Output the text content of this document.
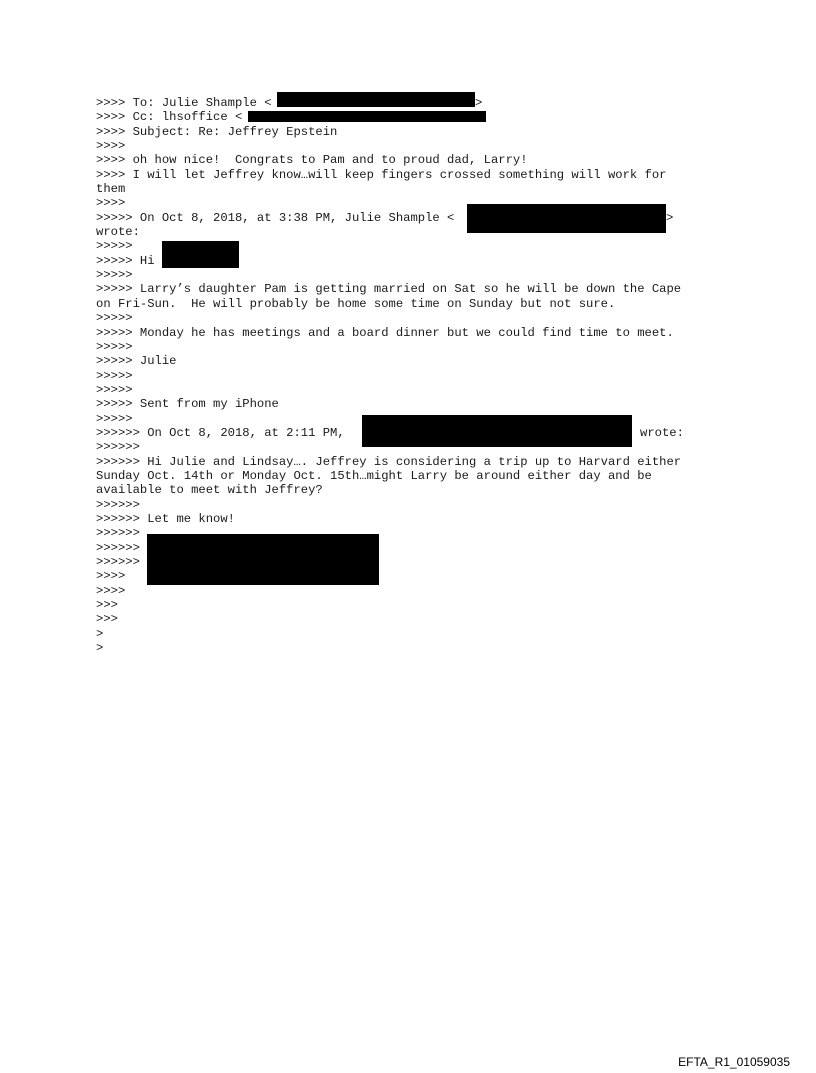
>>>> To: Julie Shample <	>
>>>> Cc: lhsoffice <
>>>> Subject: Re: Jeffrey Epstein
>>>>
>>>> oh how nice!  Congrats to Pam and to proud dad, Larry!
>>>> I will let Jeffrey know…will keep fingers crossed something will work for
them
>>>>
>>>>> On Oct 8, 2018, at 3:38 PM, Julie Shample <	>
wrote:
>>>>>
>>>>> Hi
>>>>>
>>>>> Larry’s daughter Pam is getting married on Sat so he will be down the Cape
on Fri-Sun.  He will probably be home some time on Sunday but not sure.
>>>>>
>>>>> Monday he has meetings and a board dinner but we could find time to meet.
>>>>>
>>>>> Julie
>>>>>
>>>>>
>>>>> Sent from my iPhone
>>>>>
>>>>>> On Oct 8, 2018, at 2:11 PM,	wrote:
>>>>>>
>>>>>> Hi Julie and Lindsay…. Jeffrey is considering a trip up to Harvard either
Sunday Oct. 14th or Monday Oct. 15th…might Larry be around either day and be
available to meet with Jeffrey?
>>>>>>
>>>>>> Let me know!
>>>>>>
>>>>>>
>>>>>>
>>>>
>>>>
>>>
>>>
>
>
EFTA_R1_01059035
